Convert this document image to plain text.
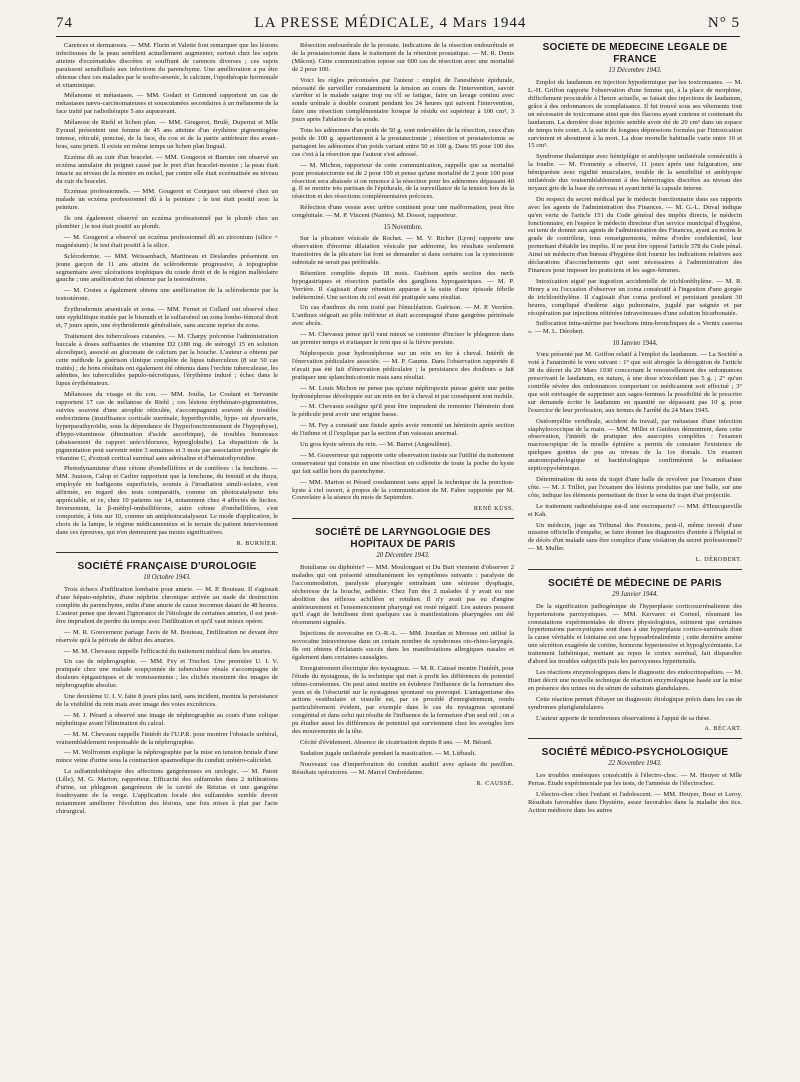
74	LA PRESSE MÉDICALE, 4 Mars 1944	N° 5

Carences et dermatoses. — MM. Flurin et Valette font remarquer que les lésions infectieuses de la peau semblent actuellement augmenter, surtout chez les sujets atteints d'eczématides discrètes et souffrant de carences diverses ; ces sujets paraissent sensibilisés aux infections du parenchyme. Une amélioration a pu être obtenue chez ces malades par le soufre-arsenic, le calcium, l'opothérapie hormonale et vitaminique.

Mélanome et métastases. — MM. Godart et Grimond rapportent un cas de métastases nævo-carcinomateuses et souscutanées secondaires à un mélanome de la face traité par radiothérapie 5 ans auparavant.

Mélanose de Riehl et lichen plan. — MM. Gougerot, Brulé, Duperrat et Mlle Eyraud présentent une femme de 45 ans atteinte d'un érythème pigmentogène intense, réticulé, ponctué, de la face, du cou et de la partie antérieure des avant-bras, sans prurit. Il existe en même temps un lichen plan lingual.

Eczéma dû au cuir d'un bracelet. — MM. Gougerot et Burnier ont observé un eczéma annulaire du poignet causé par le port d'un bracelet-montre ; la peau était intacte au niveau de la montre en nickel, par contre elle était eczématisée au niveau du cuir du bracelet.

Eczémas professionnels. — MM. Gougerot et Courjaret ont observé chez un malade un eczéma professionnel dû à la peinture ; le test était positif avec la peinture.

Ils ont également observé un eczéma professionnel par le plomb chez un plombier ; le test était positif au plomb.

— M. Gougerot a observé un eczéma professionnel dû au zirconium (silice + magnésium) ; le test était positif à la silice.

Sclérodermie. — MM. Weissenbach, Martineau et Deslandes présentent un jeune garçon de 11 ans atteint de sclérodermie progressive, à topographie segmentaire avec ulcérations trophiques du coude droit et de la région malléolaire gauche ; une amélioration fut obtenue par la testostérone.

— M. Costes a également obtenu une amélioration de la sclérodermie par la testostérone.

Érythrodermie arsenicale et zona. — MM. Fernet et Collard ont observé chez une syphilitique traitée par le bismuth et le sulfarsénol un zona lombo-fémoral droit et, 7 jours après, une érythrodermie généralisée, sans aucune reprise du zona.

Traitement des tuberculoses cutanées. — M. Charpy préconise l'administration buccale à doses suffisantes de vitamine D2 (180 mg. de stérogyl 15 en solution alcoolique), associé au gluconate de calcium par la bouche. L'auteur a obtenu par cette méthode la guérison clinique complète de lupus tuberculeux (8 sur 50 cas traités) ; de bons résultats ont également été obtenus dans l'orchite tuberculeuse, les adénites, les tuberculides papulo-nécrotiques, l'érythème induré ; échec dans le lupus érythémateux.

Mélanoses du visage et du cou. — MM. Joulia, Le Coulant et Servantie rapportent 17 cas de mélanose de Riehl ; ces lésions érythémato-pigmentaires, suivies souvent d'une atrophie réticulée, s'accompagnent souvent de troubles endocriniens (insuffisance corticale surrénale, hyperthyroïdie, hypo- ou dysovarie, hyperparathyroïdie, sous la dépendance de l'hyperfonctionnement de l'hypophyse), d'hypo-vitaminose (diminution d'acide ascorbique), de troubles humoraux (abaissement du rapport urée/chlorures, hyperglobulie). La disparition de la pigmentation peut survenir entre 3 semaines et 3 mois par association prolongée de vitamine C, d'extrait cortical surrénal sans adrénaline et d'hématothyroïdine.

Photodynamisme d'une cétone d'ombellifères et de conifères : la fenchone. — MM. Juuison, Calop et Carlier rapportent que la fenchone, du fenouil et du thuya, employée en badigeons superficiels, soumis à l'irradiation simili-solaire, s'est affirmée, en regard des tests comparatifs, comme un photocatalyseur très appréciable, et ce, chez 10 patients sur 14, notamment chez 4 affectés de lucites. Inversement, la β-méthyl-ombelliférone, autre cétone d'ombellifères, s'est comportée, à fois sur 10, comme un antiphotocatalyseur. Le mode d'application, le choix de la lampe, le régime médicamenteux et le terrain du patient interviennent dans ces épreuves, qui n'en demeurent pas moins significatives.

R. BURNIER.
SOCIÉTÉ FRANÇAISE D'UROLOGIE
18 Octobre 1943.

Trois échecs d'infiltration lombaire pour anurie. — M. P. Bouteau. Il s'agissait d'une hépato-néphrite, d'une néphrite chronique arrivée au stade de destruction complète du parenchyme, enfin d'une anurie de cause inconnue datant de 48 heures. L'auteur pense que devant l'ignorance de l'étiologie de certaines anuries, il est peut-être imprudent de perdre du temps avec l'infiltration et qu'il vaut mieux opérer.

— M. R. Gouverneur partage l'avis de M. Bouteau, l'infiltration ne devant être réservée qu'à la période de début des anuries.

— M. M. Chevassu rappelle l'efficacité du traitement médical dans les anuries.

Un cas de néphrographie. — MM. Fey et Truchot. Une première U. I. V. pratiquée chez une malade soupçonnée de tuberculose rénale s'accompagne de douleurs épigastriques et de vomissements ; les clichés montrent des images de néphrographie absolue.

Une deuxième U. I. V. faite 8 jours plus tard, sans incident, montra la persistance de la visibilité du rein mais avec image des voies excrétrices.

— M. J. Pérard a observé une image de néphrographie au cours d'une colique néphrétique avant l'élimination du calcul.

— M. M. Chevassu rappelle l'intérêt de l'U.P.R. pour montrer l'obstacle urétéral, vraisemblablement responsable de la néphrographie.

— M. Wolfromm explique la néphrographie par la mise en tension brutale d'une mince veine d'urine sous la contraction spasmodique du conduit urétéro-calicielet.

La sulfamidothérapie des affections gangréneuses en urologie. — M. Patoir (Lille), M. G. Marion, rapporteur. Efficacité des sulfamides dans 2 infiltrations d'urine, un phlegmon gangréneux de la cavité de Retzius et une gangrène foudroyante de la verge. L'application locale des sulfamides semble devoir notamment améliorer l'évolution des lésions, une fois mises à plat par l'acte chirurgical.

Résection endourétrale de la prostate. Indications de la résection endourétrale et de la prostatectomie dans le traitement de la rétention prostatique. — M. R. Denis (Mâcon). Cette communication repose sur 600 cas de résection avec une mortalité de 2 pour 100.

Voici les règles préconisées par l'auteur : emploi de l'anesthésie épidurale, nécessité de surveiller constamment la tension au cours de l'intervention, savoir s'arrêter si le malade saigne trop ou s'il se fatigue, faire un lavage continu avec sonde urétrale à double courant pendant les 24 heures qui suivent l'intervention, faire une résection complémentaire lorsque le résidu est supérieur à 100 cm³, 3 jours après l'ablation de la sonde.

Tous les adénomes d'un poids de 50 g. sont redevables de la résection, ceux d'un poids de 100 g. appartiennent à la prostatectomie ; résection et prostatectomie se partagent les adénomes d'un poids variant entre 50 et 100 g. Dans 95 pour 100 des cas c'est à la résection que l'auteur s'est adressé.

— M. Michon, rapporteur de cette communication, rappelle que sa mortalité pour prostatectomie est de 2 pour 100 et pense qu'une mortalité de 2 pour 100 pour résection sera abaissée si on renonce à la résection pour les adénomes dépassant 40 g. Il se montre très partisan de l'épidurale, de la surveillance de la tension lors de la résection et des résections complémentaires précoces.

Réfection d'une vessie avec urètre continent pour une malformation, peut être congénitale. — M. P. Vincent (Nantes). M. Dossot, rapporteur.

15 Novembre.

Sur la plicature vésicale de Rochet. — M. V. Richer (Lyon) rapporte une observation d'énorme dilatation vésicale par adénome, les résultats seulement transitoires de la plicature lui font se demander si dans certains cas la cystectomie subtotale ne serait pas préférable.

Rétention complète depuis 18 mois. Guérison après section des nerfs hypogastriques et résection partielle des ganglions hypogastriques. — M. P. Verrière. Il s'agissait d'une rétention apparue à la suite d'une épisode fébrile indéterminé. Une section du col avait été pratiquée sans résultat.

Un cas d'anthrax du rein traité par l'énucléation. Guérison. — M. P. Verrière. L'anthrax siégeait au pôle inférieur et était accompagné d'une gangrène périrénale avec abcès.

— M. Chevassu pense qu'il vaut mieux se contenter d'inciser le phlegmon dans un premier temps et n'attaquer le rein que si la fièvre persiste.

Néphropexie pour hydronéphrose sur un rein en fer à cheval. Intérêt de l'énervation pédiculaire associée. — M. P. Gaume. Dans l'observation rapportée il n'avait pas été fait d'énervation pédiculaire ; la persistance des douleurs a fait pratiquer une splanchnicotomie mais sans résultat.

— M. Louis Michon ne pense pas qu'une néphropexie puisse guérir une petite hydronéphrose développée sur un rein en fer à cheval et par conséquent non mobile.

— M. Chevassu souligne qu'il peut être imprudent de remonter l'hémirein dont le pédicule peut avoir une origine basse.

— M. Fey a constaté une fistule après avoir remonté un hémirein après section de l'isthme et il l'explique par la section d'un vaisseau anormal.

Un gros kyste séreux du rein. — M. Barret (Angoulême).

— M. Gouverneur qui rapporte cette observation insiste sur l'utilité du traitement conservateur qui consiste en une résection en collerette de toute la poche du kyste qui fait saillie hors du parenchyme.

— MM. Marion et Pérard condamnent sans appel la technique de la ponction-kyste à ciel ouvert, à propos de la communication de M. Fabre rapportée par M. Couvelaire à la séance du mois de Septembre.

RENÉ KÜSS.
SOCIÉTÉ DE LARYNGOLOGIE DES HOPITAUX DE PARIS
20 Décembre 1943.

Botulisme ou diphtérie? — MM. Moulonguet et Du Buit viennent d'observer 2 malades qui ont présenté simultanément les symptômes suivants : paralysie de l'accommodation, paralysie pharyngée entraînant une sérieuse dysphagie, sécheresse de la bouche, asthénie. Chez l'un des 2 malades il y avait eu une abolition des réflexes achilléen et rotulien. Il n'y avait pas eu d'angine antérieurement et l'ensemencement pharyngé est resté négatif. Les auteurs pensent qu'il s'agit de botulisme dont quelques cas à manifestations pharyngées ont été récemment signalés.

Injections de novocaïne en O.-R.-L. — MM. Jourdan et Meresse ont utilisé la novocaïne intraveineuse dans un certain nombre de syndromes oto-rhino-laryngés. Ils ont obtenu d'éclatants succès dans les manifestations allergiques nasales et également dans certaines causalgies.

Enregistrement électrique des nystagmus. — M. R. Caussé montre l'intérêt, pour l'étude du nystagmus, de la technique qui met à profit les différences de potentiel rétino-cornéennes. On peut ainsi mettre en évidence l'influence de la fermeture des yeux et de l'obscurité sur le nystagmus spontané ou provoqué. L'antagonisme des actions vestibulaire et visuelle est, par ce procédé d'enregistrement, rendu particulièrement évident, par exemple dans le cas du nystagmus spontané congénital et dans celui qui résulte de l'influence de la fermeture d'un seul œil ; on a pu étudier aussi les différences de potentiel qui surviennent chez les aveugles lors des mouvements de la tête.

Cécité d'évidement. Absence de cicatrisation depuis 8 ans. — M. Bérard.

Sudation jugale unilatérale pendant la mastication. — M. Liébault.

Nouveaux cas d'imperforation du conduit auditif avec aplasie du pavillon. Résultats opératoires. — M. Marcel Ombrédanne.

R. CAUSSÉ.
SOCIÉTÉ DE MÉDECINE LÉGALE DE FRANCE
13 Décembre 1943.

Emploi du laudanum en injection hypodermique par les toxicomanes. — M. L.-H. Griffon rapporte l'observation d'une femme qui, à la place de morphine, difficilement procurable à l'heure actuelle, se faisait des injections de laudanum, grâce à des ordonnances de complaisance. Il fut trouvé sous ses vêtements tout un nécessaire de toxicomane ainsi que des flacons ayant contenu et contenant du laudanum. La dernière dose injectée semble avoir été de 20 cm³ dans un espace de temps très court. A la suite de longues dépressions formées par l'intoxication survinrent et aboutirent à la mort. La dose mortelle habituelle varie entre 10 et 15 cm³.

Syndrome thalamique avec hémiplégie et amblyopie unilatérale consécutifs à la foudre. — M. Fromenty a observé, 11 jours après une fulguration, une hémiparésie avec rigidité musculaire, trouble de la sensibilité et amblyopie unilatérale dus vraisemblablement à des hémorragies discrètes au niveau des noyaux gris de la base du cerveau et ayant irrité la capsule interne.

Du respect du secret médical par le médecin fonctionnaire dans ses rapports avec les agents de l'administration des Finances. — M. G.-L. Duval indique qu'en vertu de l'article 151 du Code général des impôts directs, le médecin fonctionnaire, en l'espèce le médecin directeur d'un service municipal d'hygiène, est tenu de donner aux agents de l'administration des Finances, ayant au moins le grade de contrôleur, tous renseignements, même d'ordre confidentiel, leur permettant d'établir les impôts. Il ne peut être opposé l'article 378 du Code pénal. Ainsi un médecin d'un bureau d'hygiène doit fournir les indications relatives aux déclarations d'accouchements qui sont nécessaires à l'administration des Finances pour imposer les praticiens et les sages-femmes.

Intoxication aiguë par ingestion accidentelle de trichloréthylène. — M. R. Henry a eu l'occasion d'observer un coma consécutif à l'ingestion d'une gorgée de trichloréthylène. Il s'agissait d'un coma profond et persistant pendant 30 heures, compliqué d'œdème aigu pulmonaire, jugulé par saignée et par récupération par injections réitérées intraveineuses d'une solution bicarbonatée.

Suffocation intra-utérine par bouchons intra-bronchiques de « Vernix caseosa ». — M. L. Dérobert.

10 Janvier 1944.

Vœu présenté par M. Griffon relatif à l'emploi du laudanum. — La Société a voté à l'unanimité le vœu suivant : 1° que soit abrogée la dérogation de l'article 38 du décret du 20 Mars 1930 concernant le renouvellement des ordonnances prescrivant le laudanum, en nature, à une dose n'excédant pas 5 g. ; 2° qu'un contrôle sévère des ordonnances comportant ce médicament soit effectué ; 3° que soit envisagée de supprimer aux sages-femmes la possibilité de le prescrire sur demande écrite le laudanum en quantité ne dépassant pas 10 g. pour l'exercice de leur profession, aux termes de l'arrêté du 24 Mars 1945.

Ostéomyélite vertébrale, accident du travail, par métastase d'une infection staphylococcique de la main. — MM. Millet et Guidoux démontrent, dans cette observation, l'intérêt de pratiquer des auscopies complètes : l'examen macroscopique de la moelle épinière a permis de constater l'existence de quelques gouttes de pus au niveau de la 1re dorsale. Un examen anatomopathologique et bactériologique confirmèrent la métastase septicopyohémique.

Détermination du sens du trajet d'une balle de revolver par l'examen d'une côte. — M. J. Trillot, par l'examen des lésions produites par une balle, sur une côte, indique les éléments permettant de fixer le sens du trajet d'un projectile.

Le traitement radiesthésique est-il une escroquerie? — MM. d'Heucqueville et Kah.

Un médecin, juge au Tribunal des Pensions, peut-il, même investi d'une mission officielle d'enquête, se faire donner les diagnostics d'entrée à l'hôpital et de décès d'un malade sans être complice d'une violation du secret professionnel? — M. Muller.

L. DÉROBERT.
SOCIÉTÉ DE MÉDECINE DE PARIS
29 Janvier 1944.

De la signification pathogénique de l'hyperplasie corticosurrénalienne des hypertensions paroxystiques. — MM. Kervarec et Corteel, résumant les constatations expérimentales de divers physiologistes, estiment que certaines hypertensions paroxystiques sont dues à une hyperplasie cortico-surrénale dont la cause véritable et lointaine est une hypoadrénalinémie ; cette dernière amène une sécrétion exagérée de cortine, hormone hypertensive et hypoglycémiante. Le traitement luthéinique, mettant au repos le cortex surrénal, fait disparaître d'abord les troubles subjectifs puis les paroxysmes hypertensifs.

Les réactions enzymologiques dans le diagnostic des endocrinopathies. — M. Huet décrit une nouvelle technique de réaction enzymologique basée sur la mise en présence des urines ou du sérum de substrats glandulaires.

Cette réaction permet d'étayer un diagnostic étiologique précis dans les cas de syndromes pluriglandulaires.

L'auteur apporte de nombreuses observations à l'appui de sa thèse.

A. BÉCART.
SOCIÉTÉ MÉDICO-PSYCHOLOGIQUE
22 Novembre 1943.

Les troubles mnésiques consécutifs à l'électro-choc. — M. Heuyer et Mlle Perras. Étude expérimentale par les tests, de l'amnésie de l'électrochoc.

L'électro-choc chez l'enfant et l'adolescent. — MM. Heuyer, Bour et Leroy. Résultats favorables dans l'hystérie, assez favorables dans la maladie des tics. Action médiocre dans les autres
